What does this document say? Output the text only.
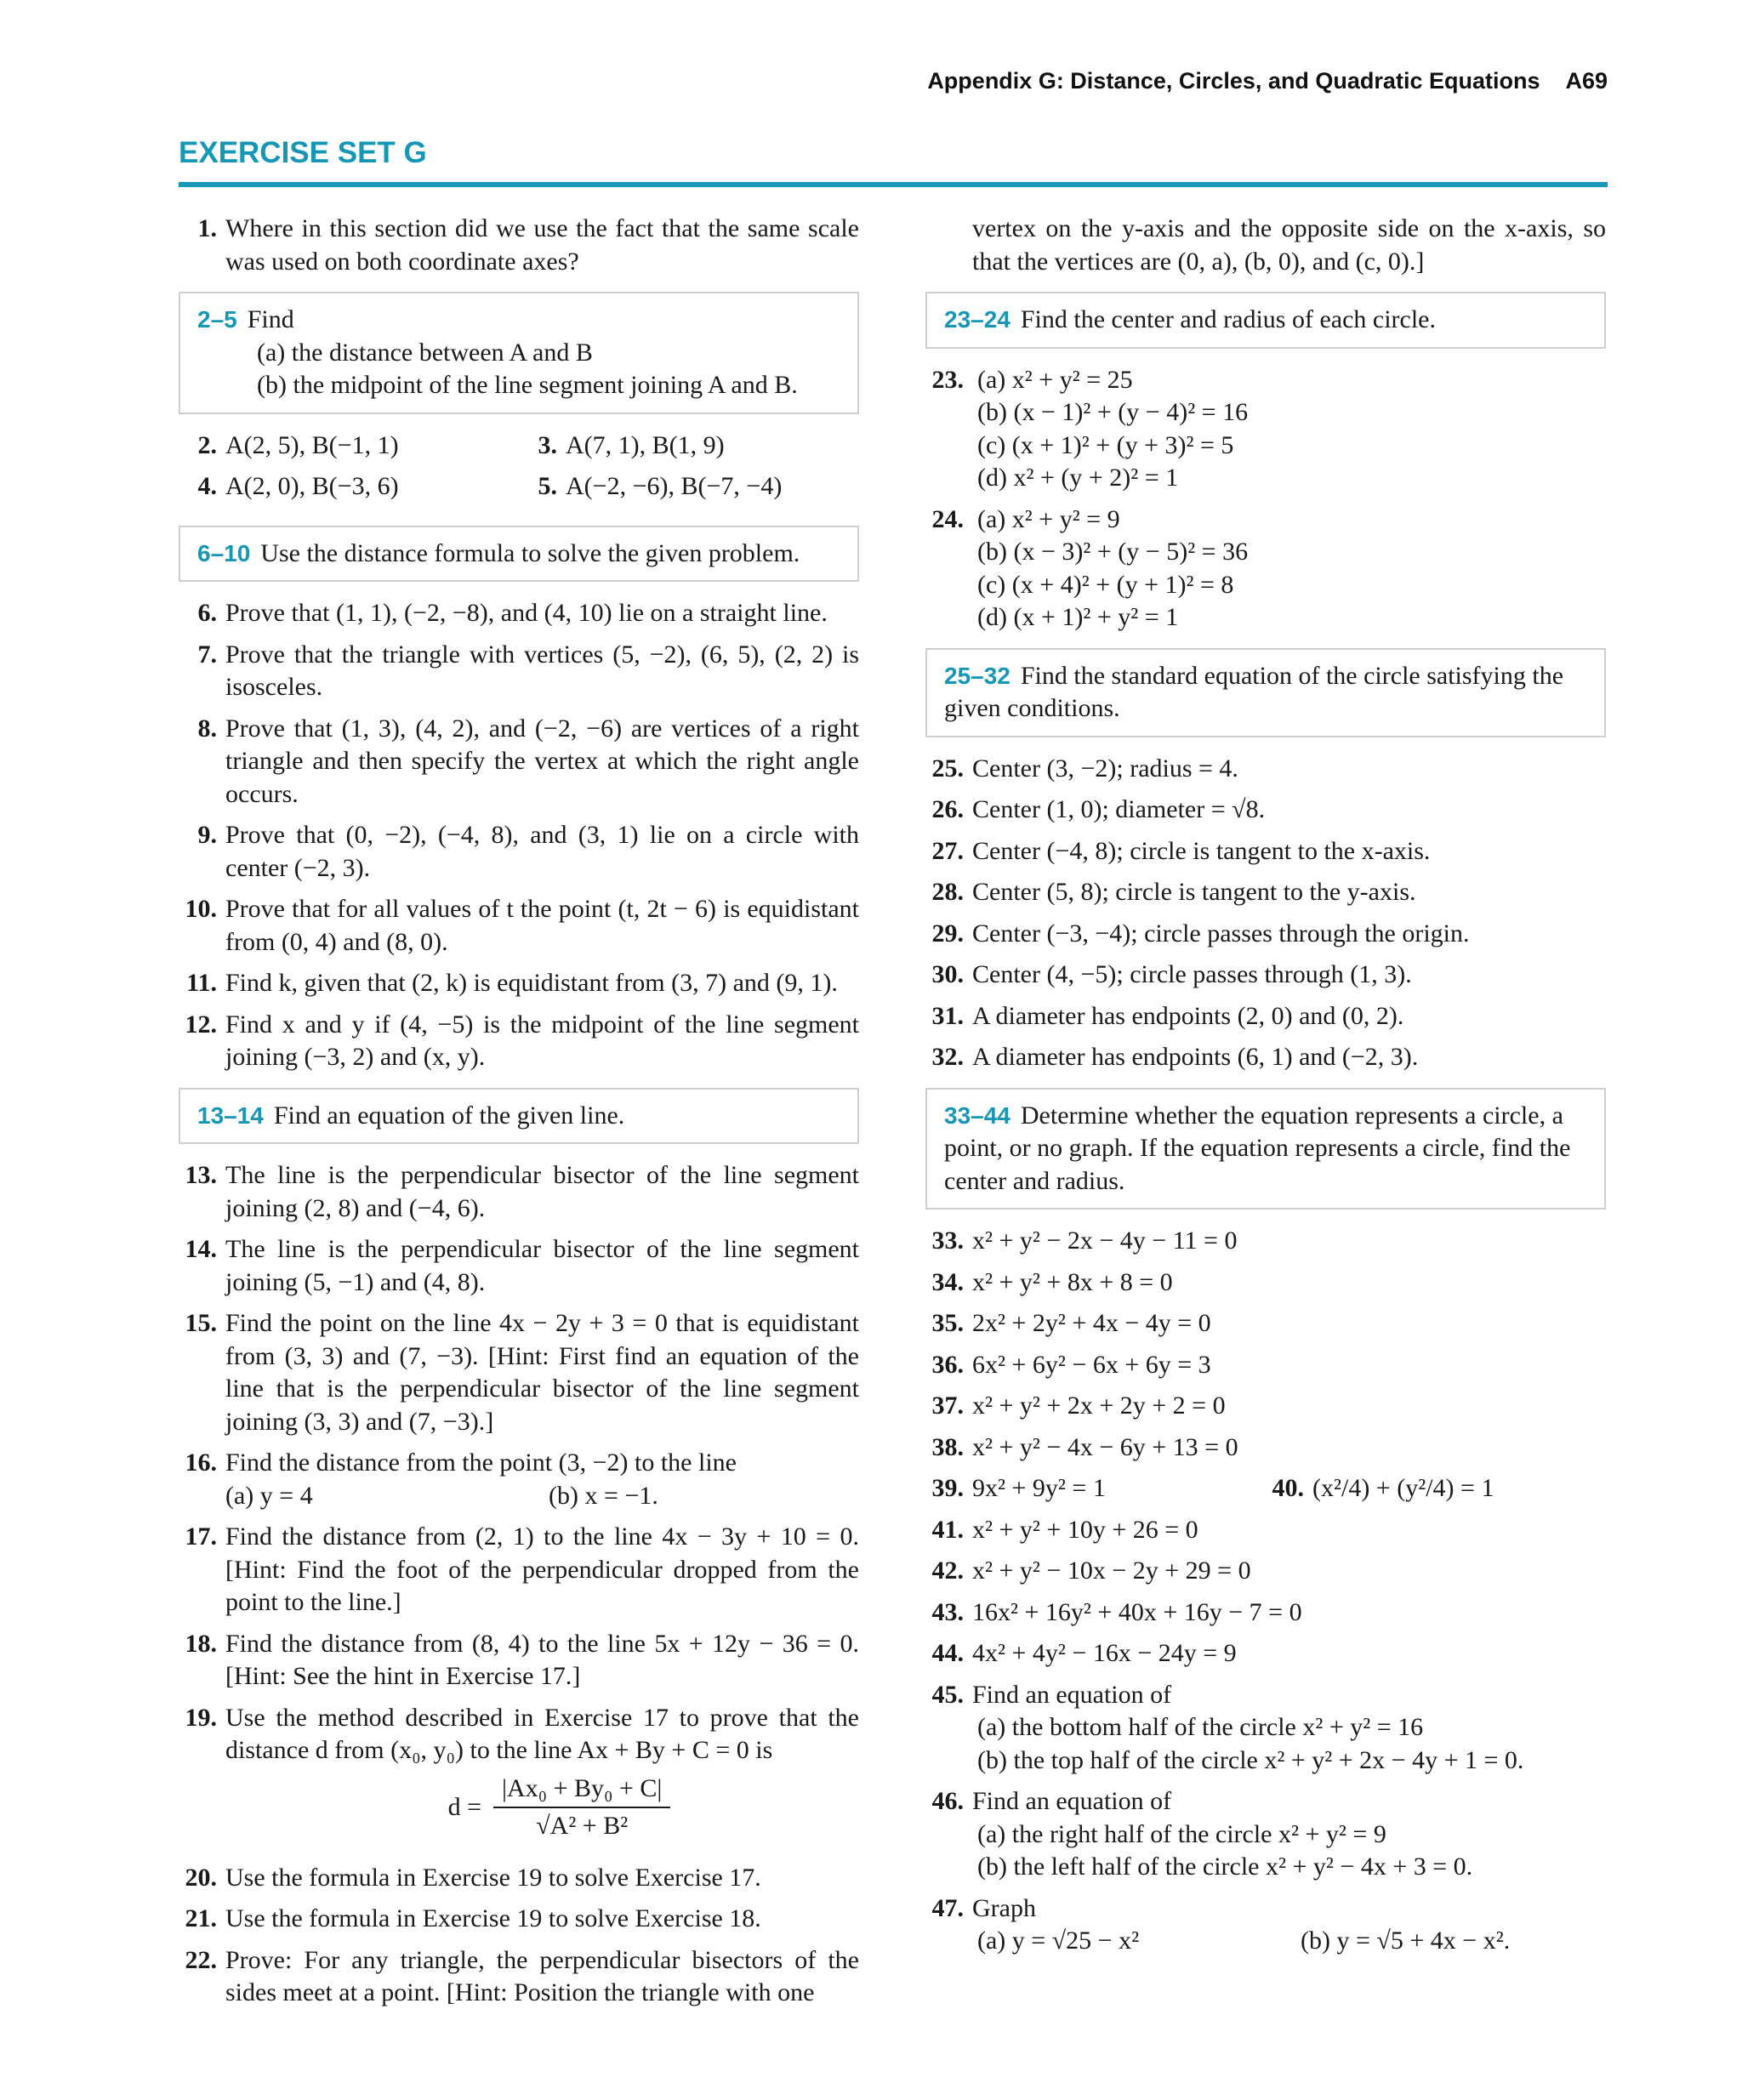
Appendix G: Distance, Circles, and Quadratic Equations A69
EXERCISE SET G
1. Where in this section did we use the fact that the same scale was used on both coordinate axes?
2–5 Find
(a) the distance between A and B
(b) the midpoint of the line segment joining A and B.
2. A(2, 5), B(−1, 1)	3. A(7, 1), B(1, 9)
4. A(2, 0), B(−3, 6)	5. A(−2, −6), B(−7, −4)
6–10 Use the distance formula to solve the given problem.
6. Prove that (1, 1), (−2, −8), and (4, 10) lie on a straight line.
7. Prove that the triangle with vertices (5, −2), (6, 5), (2, 2) is isosceles.
8. Prove that (1, 3), (4, 2), and (−2, −6) are vertices of a right triangle and then specify the vertex at which the right angle occurs.
9. Prove that (0, −2), (−4, 8), and (3, 1) lie on a circle with center (−2, 3).
10. Prove that for all values of t the point (t, 2t − 6) is equidistant from (0, 4) and (8, 0).
11. Find k, given that (2, k) is equidistant from (3, 7) and (9, 1).
12. Find x and y if (4, −5) is the midpoint of the line segment joining (−3, 2) and (x, y).
13–14 Find an equation of the given line.
13. The line is the perpendicular bisector of the line segment joining (2, 8) and (−4, 6).
14. The line is the perpendicular bisector of the line segment joining (5, −1) and (4, 8).
15. Find the point on the line 4x − 2y + 3 = 0 that is equidistant from (3, 3) and (7, −3). [Hint: First find an equation of the line that is the perpendicular bisector of the line segment joining (3, 3) and (7, −3).]
16. Find the distance from the point (3, −2) to the line
(a) y = 4	(b) x = −1.
17. Find the distance from (2, 1) to the line 4x − 3y + 10 = 0. [Hint: Find the foot of the perpendicular dropped from the point to the line.]
18. Find the distance from (8, 4) to the line 5x + 12y − 36 = 0. [Hint: See the hint in Exercise 17.]
19. Use the method described in Exercise 17 to prove that the distance d from (x₀, y₀) to the line Ax + By + C = 0 is
$d = \frac{\text{|Ax₀ + By₀ + C|}}{\text{√A² + B²}}$
20. Use the formula in Exercise 19 to solve Exercise 17.
21. Use the formula in Exercise 19 to solve Exercise 18.
22. Prove: For any triangle, the perpendicular bisectors of the sides meet at a point. [Hint: Position the triangle with one
vertex on the y-axis and the opposite side on the x-axis, so that the vertices are (0, a), (b, 0), and (c, 0).]
23–24 Find the center and radius of each circle.
23. (a) x² + y² = 25
(b) (x − 1)² + (y − 4)² = 16
(c) (x + 1)² + (y + 3)² = 5
(d) x² + (y + 2)² = 1
24. (a) x² + y² = 9
(b) (x − 3)² + (y − 5)² = 36
(c) (x + 4)² + (y + 1)² = 8
(d) (x + 1)² + y² = 1
25–32 Find the standard equation of the circle satisfying the given conditions.
25. Center (3, −2); radius = 4.
26. Center (1, 0); diameter = √8.
27. Center (−4, 8); circle is tangent to the x-axis.
28. Center (5, 8); circle is tangent to the y-axis.
29. Center (−3, −4); circle passes through the origin.
30. Center (4, −5); circle passes through (1, 3).
31. A diameter has endpoints (2, 0) and (0, 2).
32. A diameter has endpoints (6, 1) and (−2, 3).
33–44 Determine whether the equation represents a circle, a point, or no graph. If the equation represents a circle, find the center and radius.
33. x² + y² − 2x − 4y − 11 = 0
34. x² + y² + 8x + 8 = 0
35. 2x² + 2y² + 4x − 4y = 0
36. 6x² + 6y² − 6x + 6y = 3
37. x² + y² + 2x + 2y + 2 = 0
38. x² + y² − 4x − 6y + 13 = 0
39. 9x² + 9y² = 1	40. (x²/4) + (y²/4) = 1
41. x² + y² + 10y + 26 = 0
42. x² + y² − 10x − 2y + 29 = 0
43. 16x² + 16y² + 40x + 16y − 7 = 0
44. 4x² + 4y² − 16x − 24y = 9
45. Find an equation of
(a) the bottom half of the circle x² + y² = 16
(b) the top half of the circle x² + y² + 2x − 4y + 1 = 0.
46. Find an equation of
(a) the right half of the circle x² + y² = 9
(b) the left half of the circle x² + y² − 4x + 3 = 0.
47. Graph
(a) y = √25 − x²	(b) y = √5 + 4x − x².
